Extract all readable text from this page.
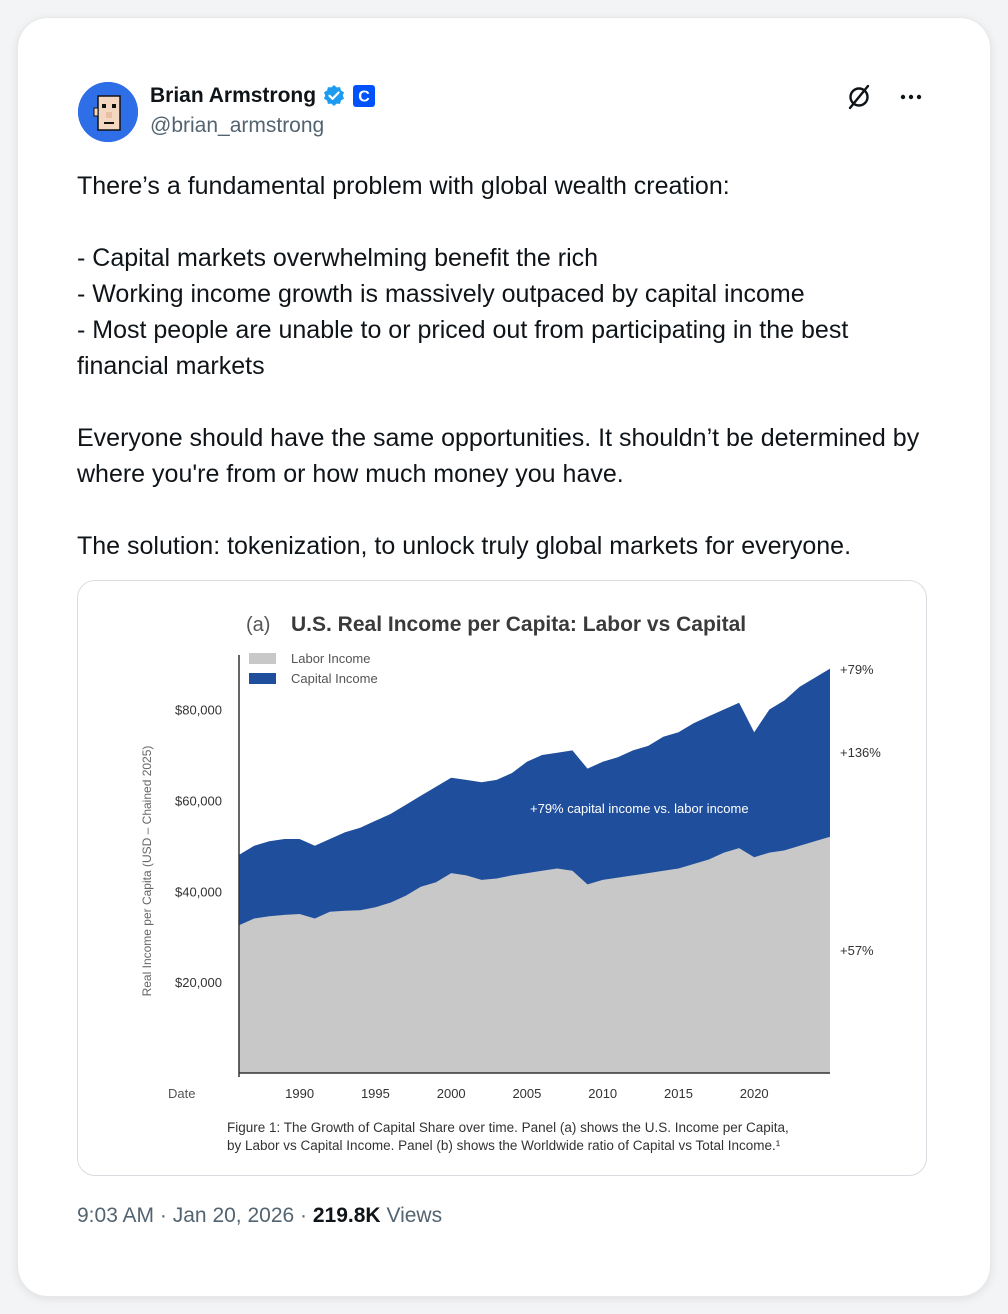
Brian Armstrong	C
@brian_armstrong
There’s a fundamental problem with global wealth creation:

- Capital markets overwhelming benefit the rich
- Working income growth is massively outpaced by capital income
- Most people are unable to or priced out from participating in the best financial markets

Everyone should have the same opportunities. It shouldn’t be determined by where you're from or how much money you have.

The solution: tokenization, to unlock truly global markets for everyone.
(a) U.S. Real Income per Capita: Labor vs Capital
$20,000
$40,000
$60,000
$80,000
1990	1995	2000	2005	2010	2015	2020
Date
Real Income per Capita (USD – Chained 2025)
Labor Income
Capital Income
+79% capital income vs. labor income
+79%
+136%
+57%
Figure 1: The Growth of Capital Share over time. Panel (a) shows the U.S. Income per Capita,
by Labor vs Capital Income. Panel (b) shows the Worldwide ratio of Capital vs Total Income.¹
9:03 AM · Jan 20, 2026 · 219.8K Views
